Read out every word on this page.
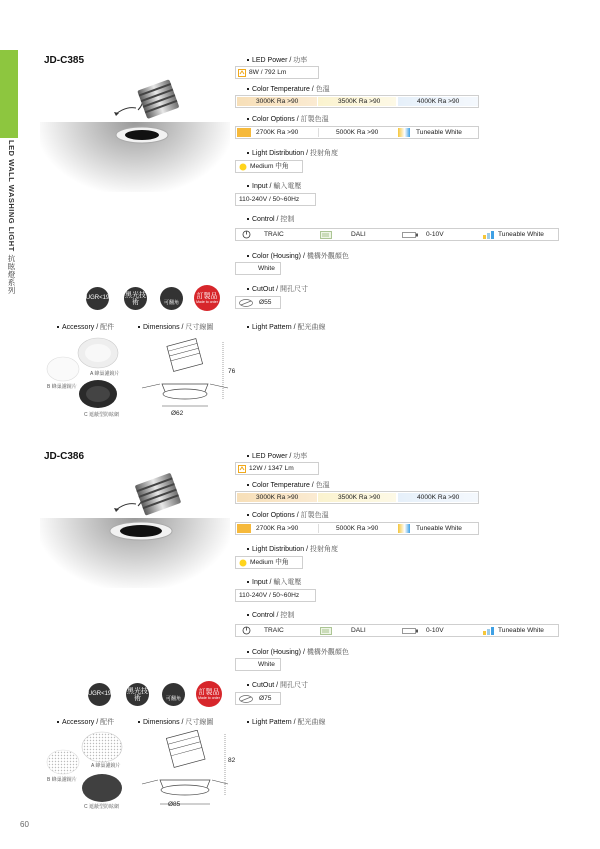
LED WALL WASHING LIGHT 抗眩燈系列
60
JD-C385
UGR<19 黑光技術	可翻角
訂製品
Made to order
LED Power / 功率
8W / 792 Lm
Color Temperature / 色溫
3000K Ra >90	3500K Ra >90	4000K Ra >90
Color Options / 訂製色溫
2700K Ra >90	5000K Ra >90	Tuneable White
Light Distribution / 投射角度
Medium 中角
Input / 輸入電壓
110-240V / 50~60Hz
Control / 控制
TRAIC	DALI	0-10V	Tuneable White
Color (Housing) / 機構外觀顏色
White
CutOut / 開孔尺寸
Ø55
Accessory / 配件	Dimensions / 尺寸線圖	Light Pattern / 配光曲線
A 蜂巢濾鏡片
B 蜂巢濾鏡片
C 遮蔽型防眩網
76
Ø62
JD-C386
UGR<19 黑光技術	可翻角
訂製品
Made to order
LED Power / 功率
12W / 1347 Lm
Color Temperature / 色溫
3000K Ra >90	3500K Ra >90	4000K Ra >90
Color Options / 訂製色溫
2700K Ra >90	5000K Ra >90	Tuneable White
Light Distribution / 投射角度
Medium 中角
Input / 輸入電壓
110-240V / 50~60Hz
Control / 控制
TRAIC	DALI	0-10V	Tuneable White
Color (Housing) / 機構外觀顏色
White
CutOut / 開孔尺寸
Ø75
Accessory / 配件	Dimensions / 尺寸線圖	Light Pattern / 配光曲線
A 蜂巢濾鏡片
B 蜂巢濾鏡片
C 遮蔽型防眩網
82
Ø85
